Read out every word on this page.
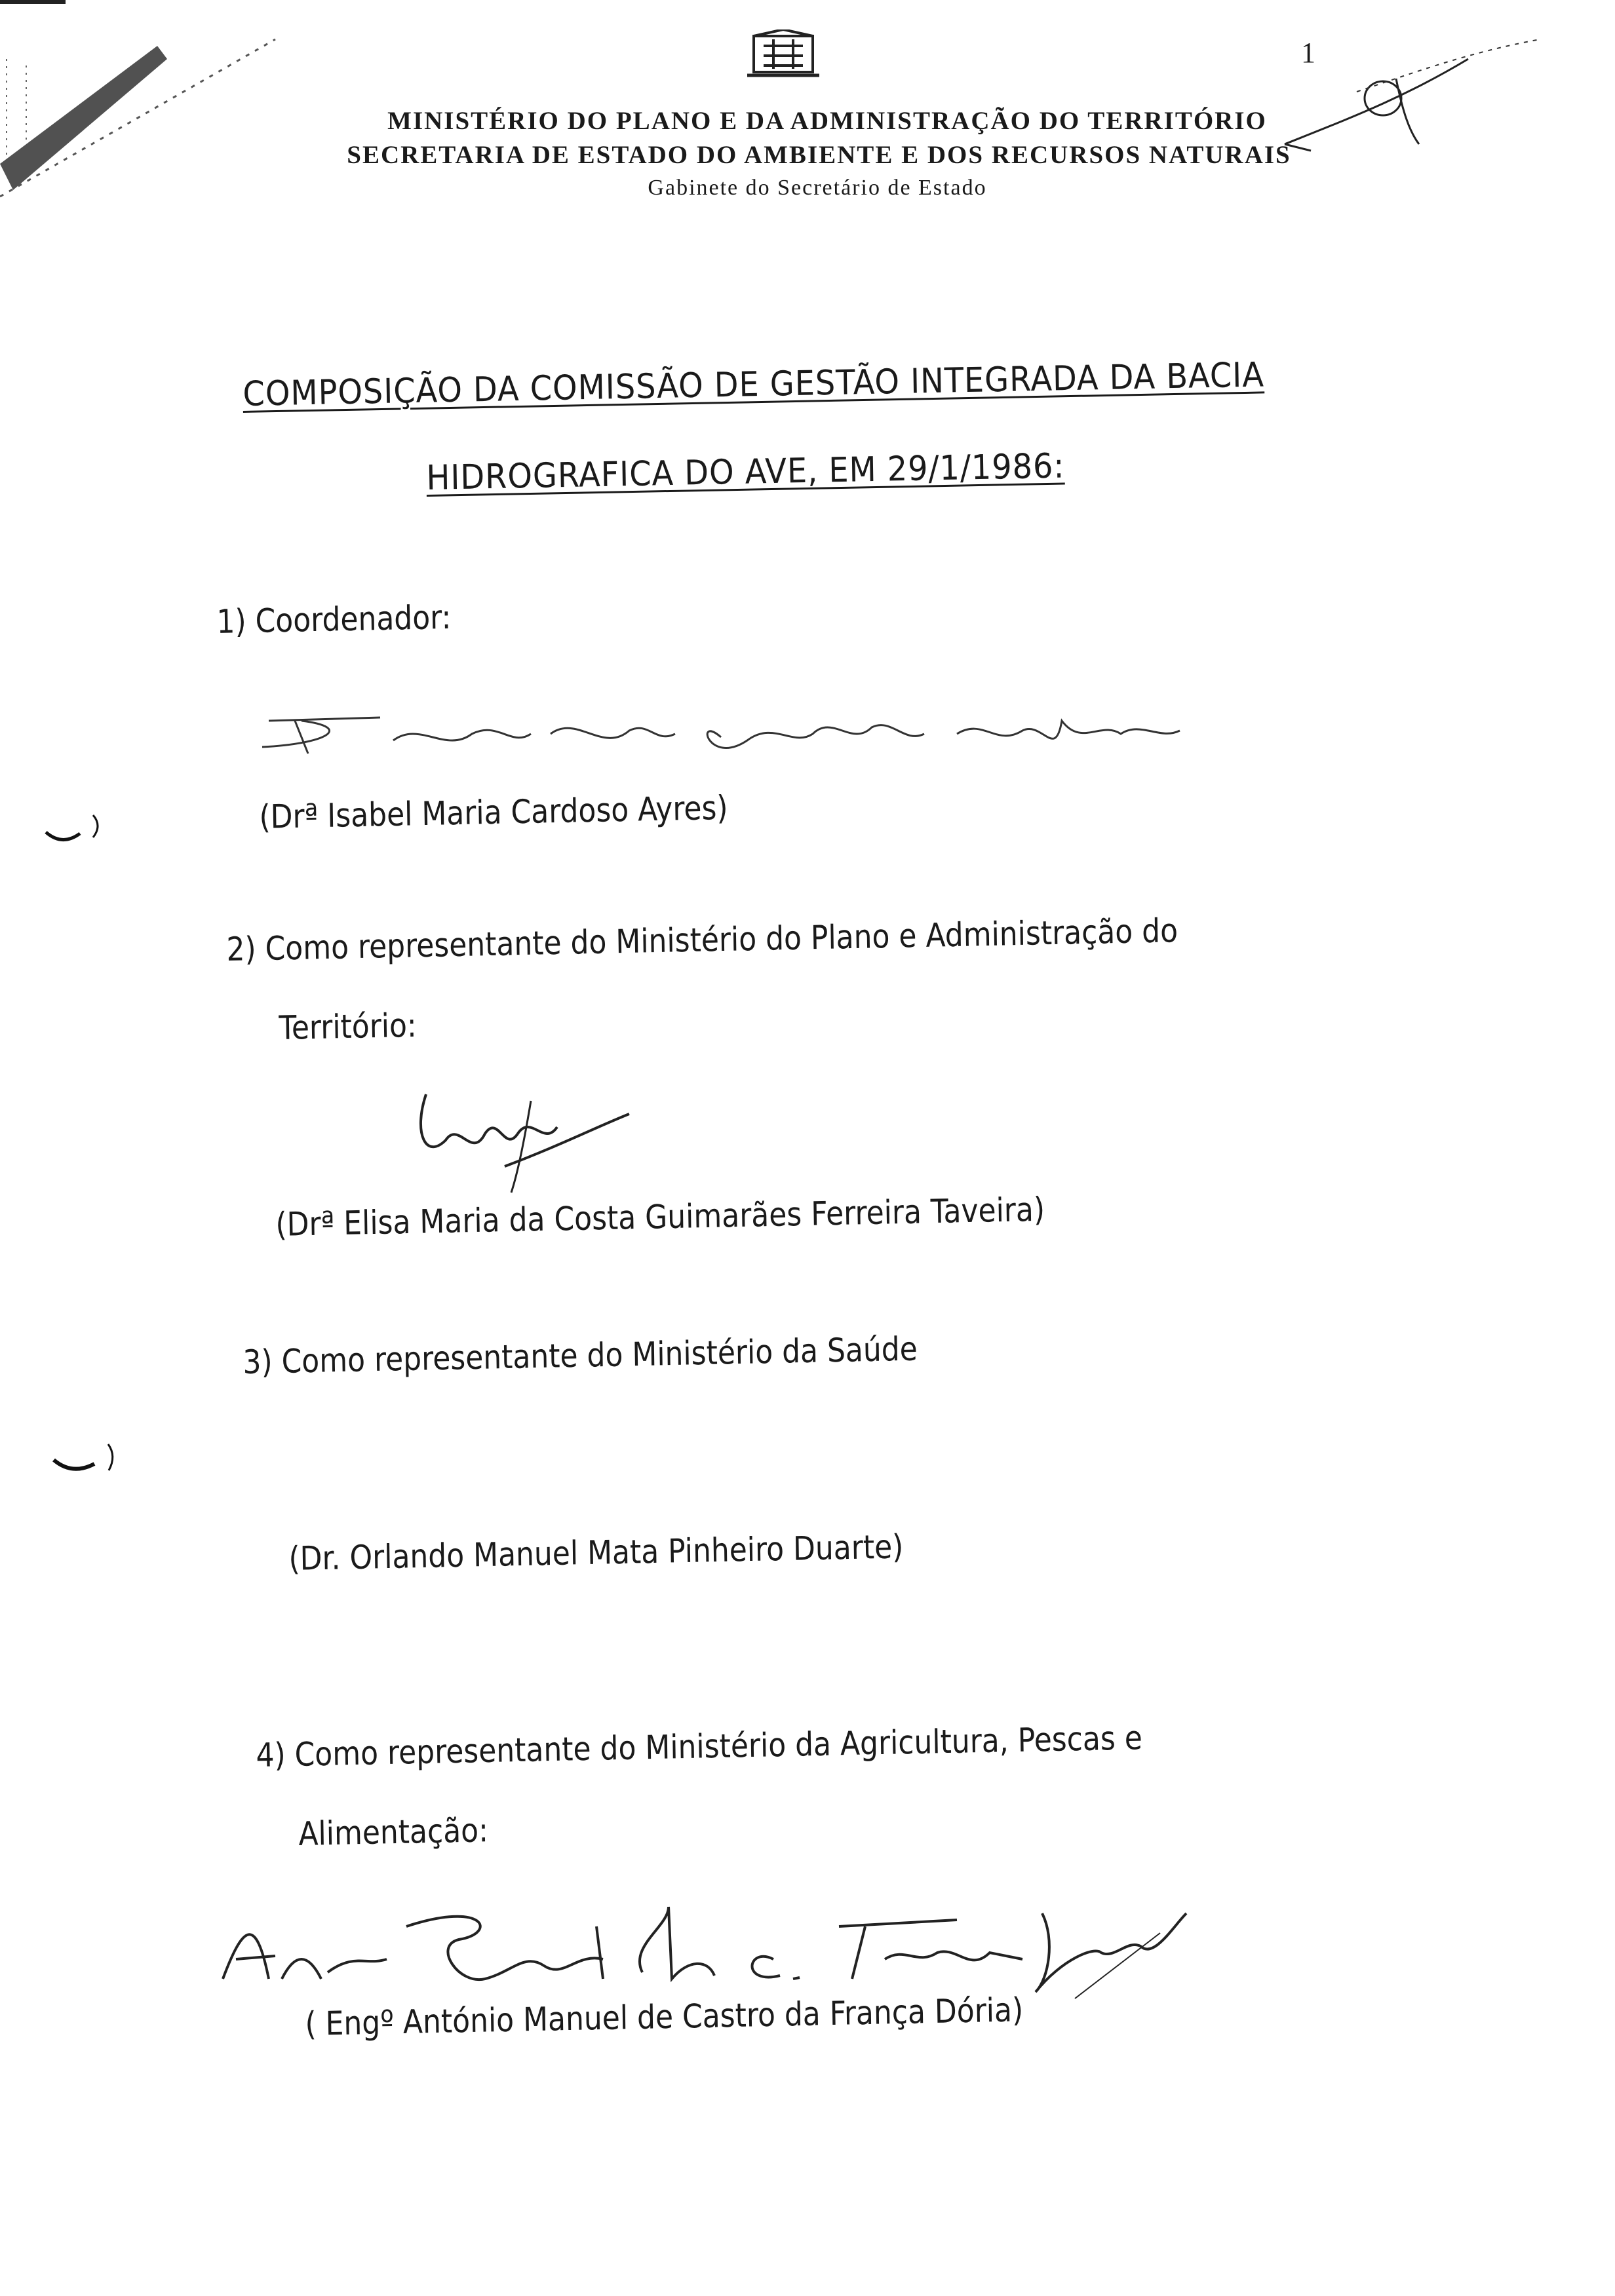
1
MINISTÉRIO DO PLANO E DA ADMINISTRAÇÃO DO TERRITÓRIO
SECRETARIA DE ESTADO DO AMBIENTE E DOS RECURSOS NATURAIS
Gabinete do Secretário de Estado
COMPOSIÇÃO DA COMISSÃO DE GESTÃO INTEGRADA DA BACIA
HIDROGRAFICA DO AVE, EM 29/1/1986:
1) Coordenador:
(Drª Isabel Maria Cardoso Ayres)
2) Como representante do Ministério do Plano e Administração do
Território:
(Drª Elisa Maria da Costa Guimarães Ferreira Taveira)
3) Como representante do Ministério da Saúde
(Dr. Orlando Manuel Mata Pinheiro Duarte)
4) Como representante do Ministério da Agricultura, Pescas e
Alimentação:
( Engº António Manuel de Castro da França Dória)
